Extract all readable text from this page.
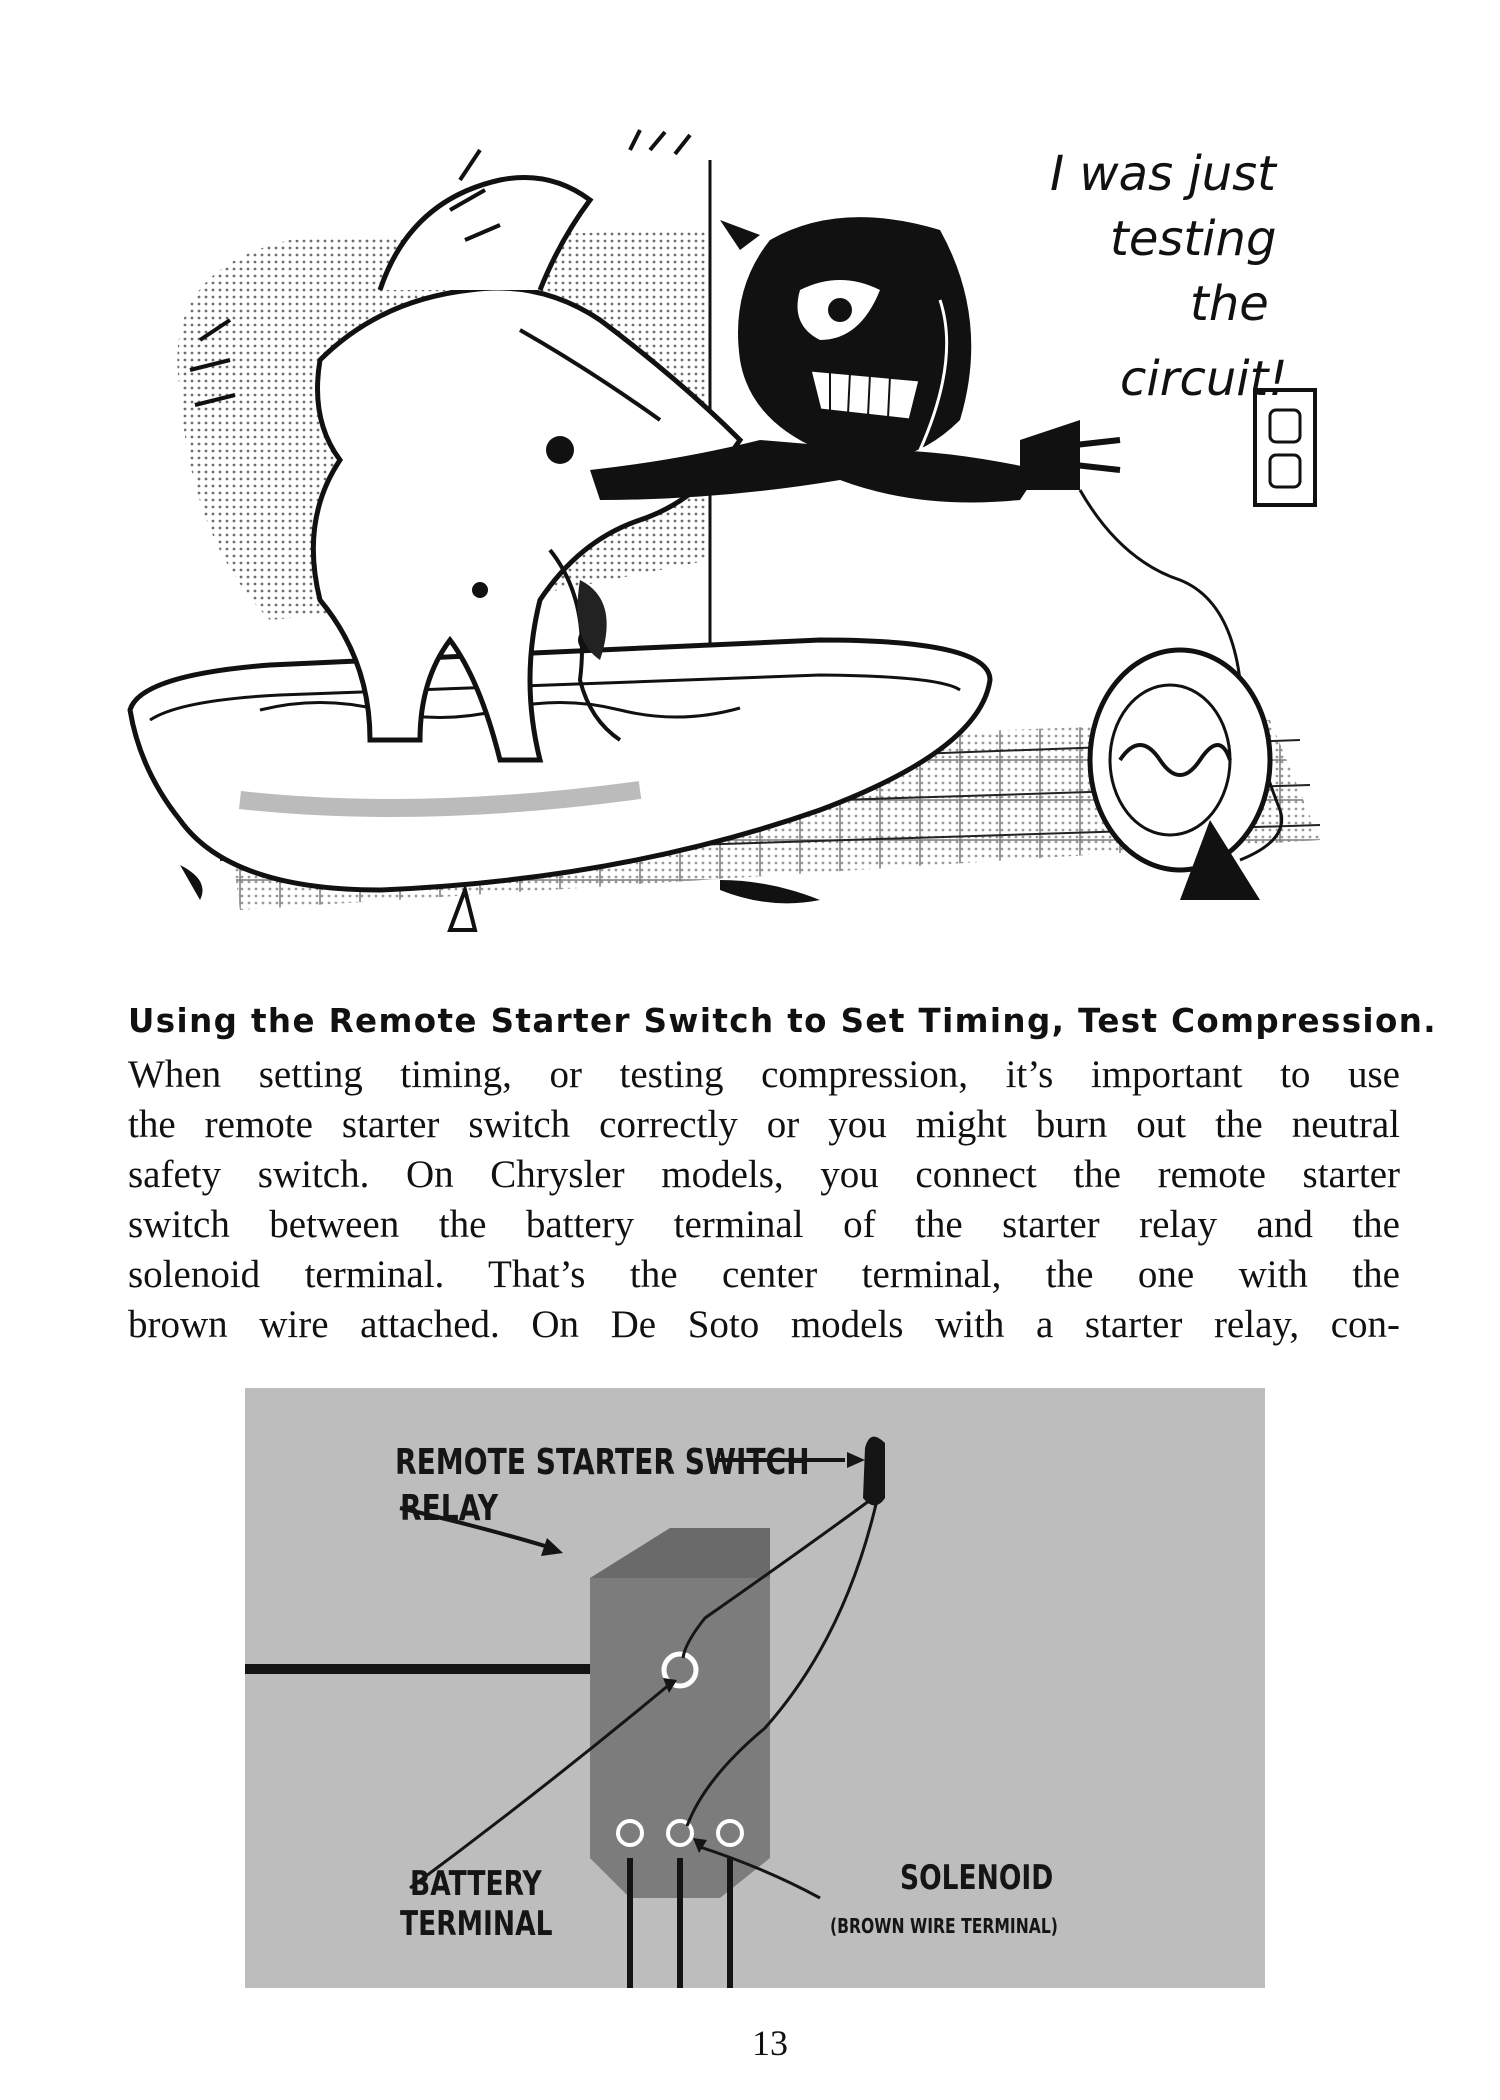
I was just
testing
the
circuit!
Using the Remote Starter Switch to Set Timing, Test Compression.
When setting timing, or testing compression, it’s important to use
the remote starter switch correctly or you might burn out the neutral
safety switch. On Chrysler models, you connect the remote starter
switch between the battery terminal of the starter relay and the
solenoid terminal. That’s the center terminal, the one with the
brown wire attached. On De Soto models with a starter relay, con-
REMOTE STARTER SWITCH
RELAY
BATTERY
TERMINAL
SOLENOID
(BROWN WIRE TERMINAL)
13
